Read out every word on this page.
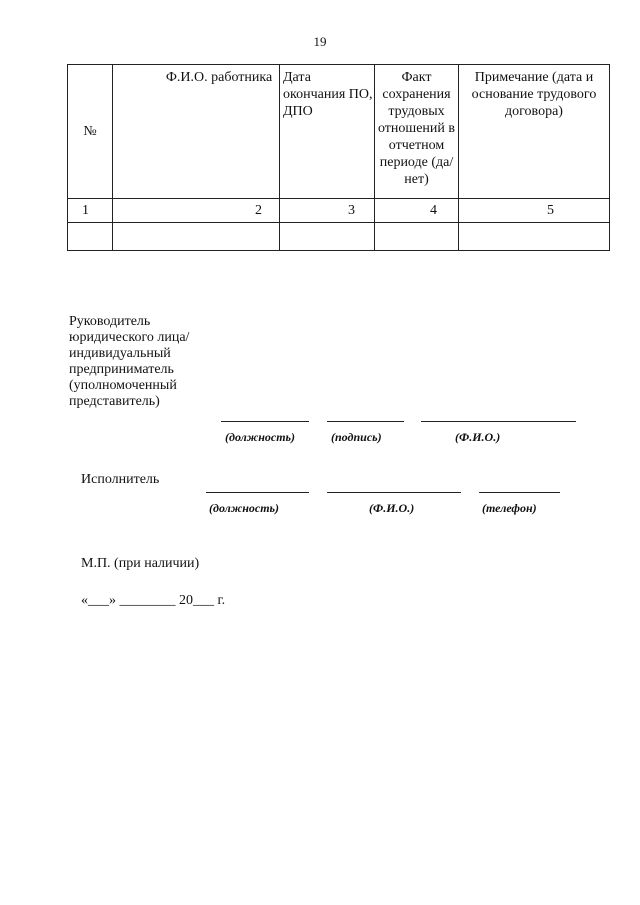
19
№	Ф.И.О. работника	Дата окончания ПО, ДПО	Факт сохранения трудовых отношений в отчетном периоде (да/нет)	Примечание (дата и основание трудового договора)
1	2	3	4	5

Руководитель юридического лица/ индивидуальный предприниматель (уполномоченный представитель)
(должность)	(подпись)	(Ф.И.О.)
Исполнитель
(должность)	(Ф.И.О.)	(телефон)
М.П. (при наличии)
«___» ________ 20___ г.
